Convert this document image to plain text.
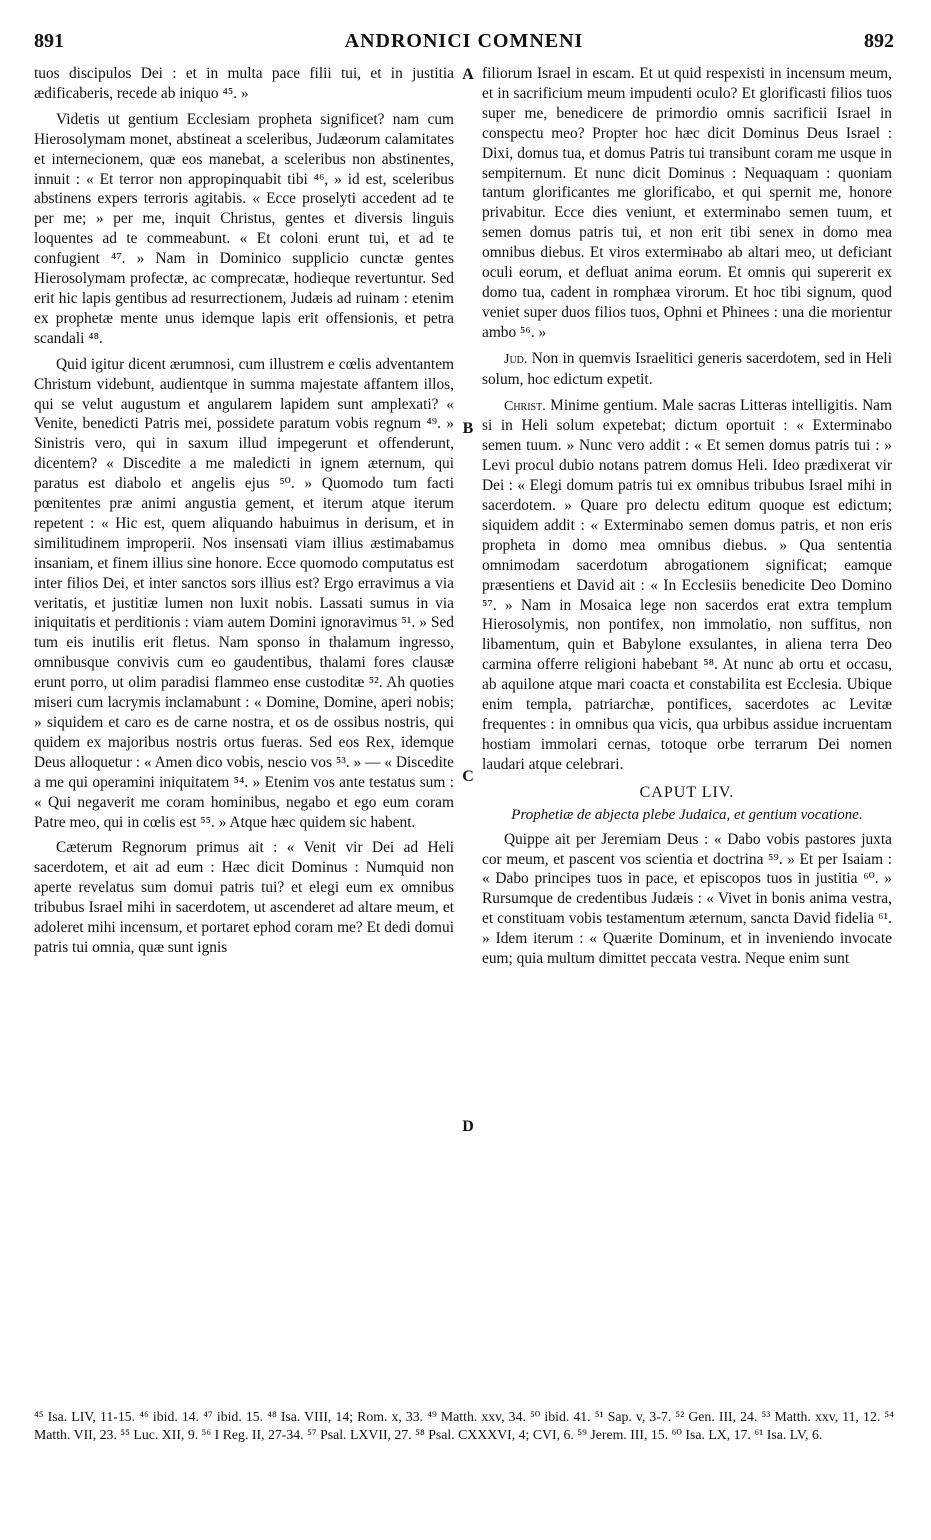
891	ANDRONICI COMNENI	892

tuos discipulos Dei : et in multa pace filii tui, et in justitia ædificaberis, recede ab iniquo ⁴⁵. »

Videtis ut gentium Ecclesiam propheta significet? nam cum Hierosolymam monet, abstineat a sceleribus, Judæorum calamitates et internecionem, quæ eos manebat, a sceleribus non abstinentes, innuit : « Et terror non appropinquabit tibi ⁴⁶, » id est, sceleribus abstinens expers terroris agitabis. « Ecce proselyti accedent ad te per me; » per me, inquit Christus, gentes et diversis linguis loquentes ad te commeabunt. « Et coloni erunt tui, et ad te confugient ⁴⁷. » Nam in Dominico supplicio cunctæ gentes Hierosolymam profectæ, ac comprecatæ, hodieque revertuntur. Sed erit hic lapis gentibus ad resurrectionem, Judæis ad ruinam : etenim ex prophetæ mente unus idemque lapis erit offensionis, et petra scandali ⁴⁸.

Quid igitur dicent ærumnosi, cum illustrem e cœlis adventantem Christum videbunt, audientque in summa majestate affantem illos, qui se velut augustum et angularem lapidem sunt amplexati? « Venite, benedicti Patris mei, possidete paratum vobis regnum ⁴⁹. » Sinistris vero, qui in saxum illud impegerunt et offenderunt, dicentem? « Discedite a me maledicti in ignem æternum, qui paratus est diabolo et angelis ejus ⁵⁰. » Quomodo tum facti pœnitentes præ animi angustia gement, et iterum atque iterum repetent : « Hic est, quem aliquando habuimus in derisum, et in similitudinem improperii. Nos insensati viam illius æstimabamus insaniam, et finem illius sine honore. Ecce quomodo computatus est inter filios Dei, et inter sanctos sors illius est? Ergo erravimus a via veritatis, et justitiæ lumen non luxit nobis. Lassati sumus in via iniquitatis et perditionis : viam autem Domini ignoravimus ⁵¹. » Sed tum eis inutilis erit fletus. Nam sponso in thalamum ingresso, omnibusque convivis cum eo gaudentibus, thalami fores clausæ erunt porro, ut olim paradisi flammeo ense custoditæ ⁵². Ah quoties miseri cum lacrymis inclamabunt : « Domine, Domine, aperi nobis; » siquidem et caro es de carne nostra, et os de ossibus nostris, qui quidem ex majoribus nostris ortus fueras. Sed eos Rex, idemque Deus alloquetur : « Amen dico vobis, nescio vos ⁵³. » — « Discedite a me qui operamini iniquitatem ⁵⁴. » Etenim vos ante testatus sum : « Qui negaverit me coram hominibus, negabo et ego eum coram Patre meo, qui in cœlis est ⁵⁵. » Atque hæc quidem sic habent.

Cæterum Regnorum primus ait : « Venit vir Dei ad Heli sacerdotem, et ait ad eum : Hæc dicit Dominus : Numquid non aperte revelatus sum domui patris tui? et elegi eum ex omnibus tribubus Israel mihi in sacerdotem, ut ascenderet ad altare meum, et adoleret mihi incensum, et portaret ephod coram me? Et dedi domui patris tui omnia, quæ sunt ignis

A
B
C
D

filiorum Israel in escam. Et ut quid respexisti in incensum meum, et in sacrificium meum impudenti oculo? Et glorificasti filios tuos super me, benedicere de primordio omnis sacrificii Israel in conspectu meo? Propter hoc hæc dicit Dominus Deus Israel : Dixi, domus tua, et domus Patris tui transibunt coram me usque in sempiternum. Et nunc dicit Dominus : Nequaquam : quoniam tantum glorificantes me glorificabo, et qui spernit me, honore privabitur. Ecce dies veniunt, et exterminabo semen tuum, et semen domus patris tui, et non erit tibi senex in domo mea omnibus diebus. Et viros extermінabo ab altari meo, ut deficiant oculi eorum, et defluat anima eorum. Et omnis qui supererit ex domo tua, cadent in romphæa virorum. Et hoc tibi signum, quod veniet super duos filios tuos, Ophni et Phinees : una die morientur ambo ⁵⁶. »

Jud. Non in quemvis Israelitici generis sacerdotem, sed in Heli solum, hoc edictum expetit.

Christ. Minime gentium. Male sacras Litteras intelligitis. Nam si in Heli solum expetebat; dictum oportuit : « Exterminabo semen tuum. » Nunc vero addit : « Et semen domus patris tui : » Levi procul dubio notans patrem domus Heli. Ideo prædixerat vir Dei : « Elegi domum patris tui ex omnibus tribubus Israel mihi in sacerdotem. » Quare pro delectu editum quoque est edictum; siquidem addit : « Exterminabo semen domus patris, et non eris propheta in domo mea omnibus diebus. » Qua sententia omnimodam sacerdotum abrogationem significat; eamque præsentiens et David ait : « In Ecclesiis benedicite Deo Domino ⁵⁷. » Nam in Mosaica lege non sacerdos erat extra templum Hierosolymis, non pontifex, non immolatio, non suffitus, non libamentum, quin et Babylone exsulantes, in aliena terra Deo carmina offerre religioni habebant ⁵⁸. At nunc ab ortu et occasu, ab aquilone atque mari coacta et constabilita est Ecclesia. Ubique enim templa, patriarchæ, pontifices, sacerdotes ac Levitæ frequentes : in omnibus qua vicis, qua urbibus assidue incruentam hostiam immolari cernas, totoque orbe terrarum Dei nomen laudari atque celebrari.

CAPUT LIV.
Prophetiæ de abjecta plebe Judaica, et gentium vocatione.

Quippe ait per Jeremiam Deus : « Dabo vobis pastores juxta cor meum, et pascent vos scientia et doctrina ⁵⁹. » Et per Isaiam : « Dabo principes tuos in pace, et episcopos tuos in justitia ⁶⁰. » Rursumque de credentibus Judæis : « Vivet in bonis anima vestra, et constituam vobis testamentum æternum, sancta David fidelia ⁶¹. » Idem iterum : « Quærite Dominum, et in inveniendo invocate eum; quia multum dimittet peccata vestra. Neque enim sunt

⁴⁵ Isa. LIV, 11-15. ⁴⁶ ibid. 14. ⁴⁷ ibid. 15. ⁴⁸ Isa. VIII, 14; Rom. x, 33. ⁴⁹ Matth. xxv, 34. ⁵⁰ ibid. 41. ⁵¹ Sap. v, 3-7. ⁵² Gen. III, 24. ⁵³ Matth. xxv, 11, 12. ⁵⁴ Matth. VII, 23. ⁵⁵ Luc. XII, 9. ⁵⁶ I Reg. II, 27-34. ⁵⁷ Psal. LXVII, 27. ⁵⁸ Psal. CXXXVI, 4; CVI, 6. ⁵⁹ Jerem. III, 15. ⁶⁰ Isa. LX, 17. ⁶¹ Isa. LV, 6.
